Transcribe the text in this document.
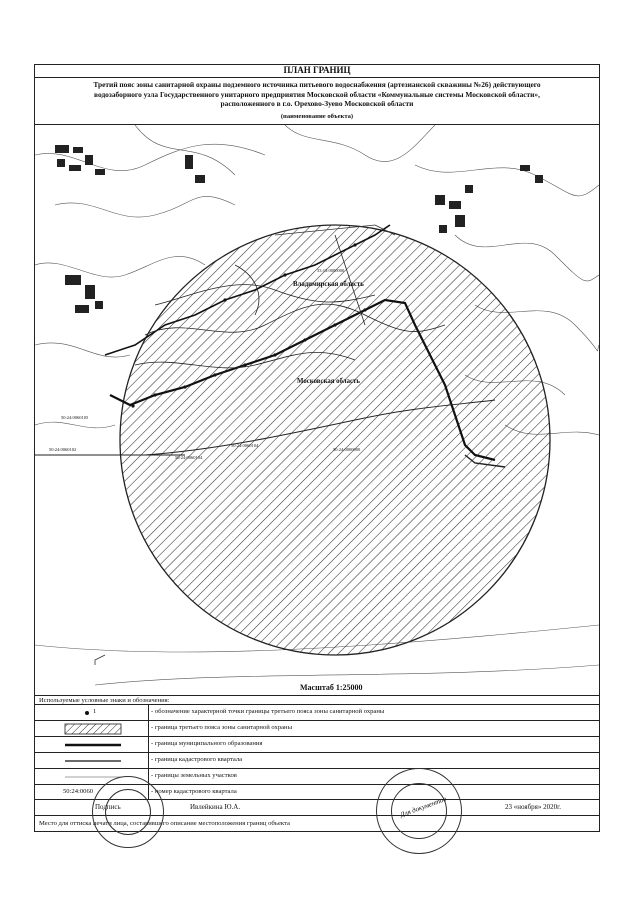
ПЛАН ГРАНИЦ
Третий пояс зоны санитарной охраны подземного источника питьевого водоснабжения (артезианской скважины №26) действующего
водозаборного узла Государственного унитарного предприятия Московской области «Коммунальные системы Московской области»,
расположенного в г.о. Орехово-Зуево Московской области
(наименование объекта)
Владимирская область
Московская область
50:24:0060105
50:24:0060102
50:24:0060104
50:24:0060104
33:13:0000000
50:24:0000000
Масштаб 1:25000
Используемые условные знаки и обозначения:
1	- обозначение характерной точки границы третьего пояса зоны санитарной охраны
- граница третьего пояса зоны санитарной охраны
- граница муниципального образования
- граница кадастрового квартала
- границы земельных участков
50:24:0060	- номер кадастрового квартала
Подпись	Ивлейкина Ю.А.	23 «ноября» 2020г.
Место для оттиска печати лица, составившего описание местоположения границ объекта
Для документов
